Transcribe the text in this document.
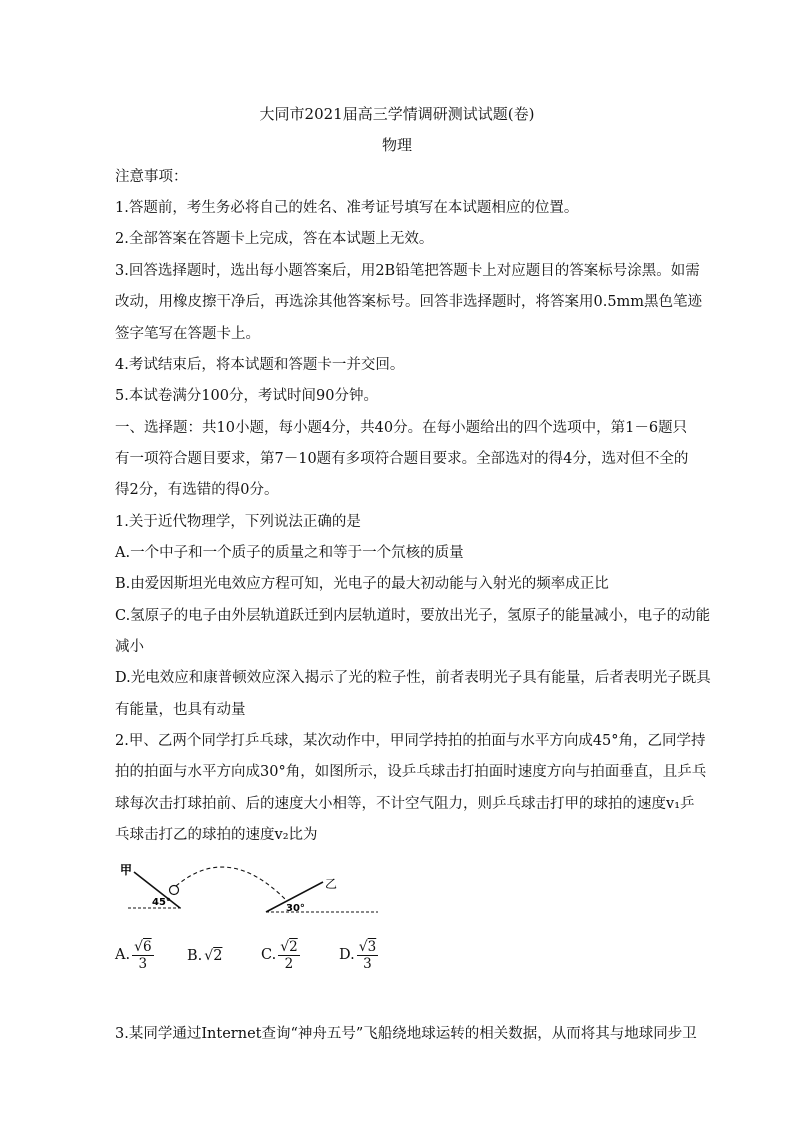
大同市2021届高三学情调研测试试题(卷)
物理
注意事项：
1.答题前，考生务必将自己的姓名、准考证号填写在本试题相应的位置。
2.全部答案在答题卡上完成，答在本试题上无效。
3.回答选择题时，选出每小题答案后，用2B铅笔把答题卡上对应题目的答案标号涂黑。如需
改动，用橡皮擦干净后，再选涂其他答案标号。回答非选择题时，将答案用0.5mm黑色笔迹
签字笔写在答题卡上。
4.考试结束后，将本试题和答题卡一并交回。
5.本试卷满分100分，考试时间90分钟。
一、选择题：共10小题，每小题4分，共40分。在每小题给出的四个选项中，第1－6题只
有一项符合题目要求，第7－10题有多项符合题目要求。全部选对的得4分，选对但不全的
得2分，有选错的得0分。
1.关于近代物理学，下列说法正确的是
A.一个中子和一个质子的质量之和等于一个氘核的质量
B.由爱因斯坦光电效应方程可知，光电子的最大初动能与入射光的频率成正比
C.氢原子的电子由外层轨道跃迁到内层轨道时，要放出光子，氢原子的能量减小，电子的动能
减小
D.光电效应和康普顿效应深入揭示了光的粒子性，前者表明光子具有能量，后者表明光子既具
有能量，也具有动量
2.甲、乙两个同学打乒乓球，某次动作中，甲同学持拍的拍面与水平方向成45°角，乙同学持
拍的拍面与水平方向成30°角，如图所示，设乒乓球击打拍面时速度方向与拍面垂直，且乒乓
球每次击打球拍前、后的速度大小相等，不计空气阻力，则乒乓球击打甲的球拍的速度v₁乒
乓球击打乙的球拍的速度v₂比为
甲
45°
30°
乙
A. $\frac{√6}{3} B$. √ 2	C. $\frac{√2}{2}$	D. $\frac{√3}{3}$
3.某同学通过Internet查询“神舟五号”飞船绕地球运转的相关数据，从而将其与地球同步卫
